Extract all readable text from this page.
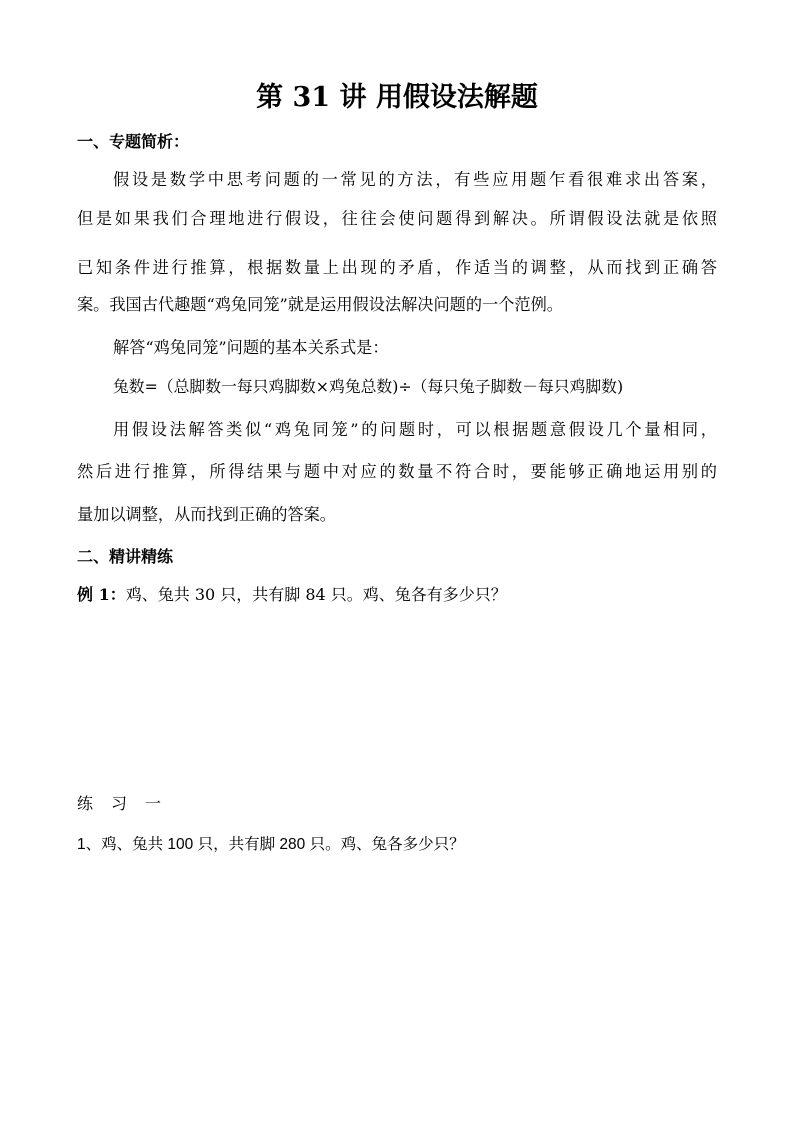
第 31 讲 用假设法解题
一、专题简析：
假设是数学中思考问题的一常见的方法，有些应用题乍看很难求出答案，
但是如果我们合理地进行假设，往往会使问题得到解决。所谓假设法就是依照
已知条件进行推算，根据数量上出现的矛盾，作适当的调整，从而找到正确答
案。我国古代趣题“鸡兔同笼”就是运用假设法解决问题的一个范例。
解答“鸡兔同笼”问题的基本关系式是：
兔数=（总脚数一每只鸡脚数×鸡兔总数)÷（每只兔子脚数－每只鸡脚数)
用假设法解答类似“鸡兔同笼”的问题时，可以根据题意假设几个量相同，
然后进行推算，所得结果与题中对应的数量不符合时，要能够正确地运用别的
量加以调整，从而找到正确的答案。
二、精讲精练
例 1：鸡、兔共 30 只，共有脚 84 只。鸡、兔各有多少只？
练习一
1、鸡、兔共 100 只，共有脚 280 只。鸡、兔各多少只？
